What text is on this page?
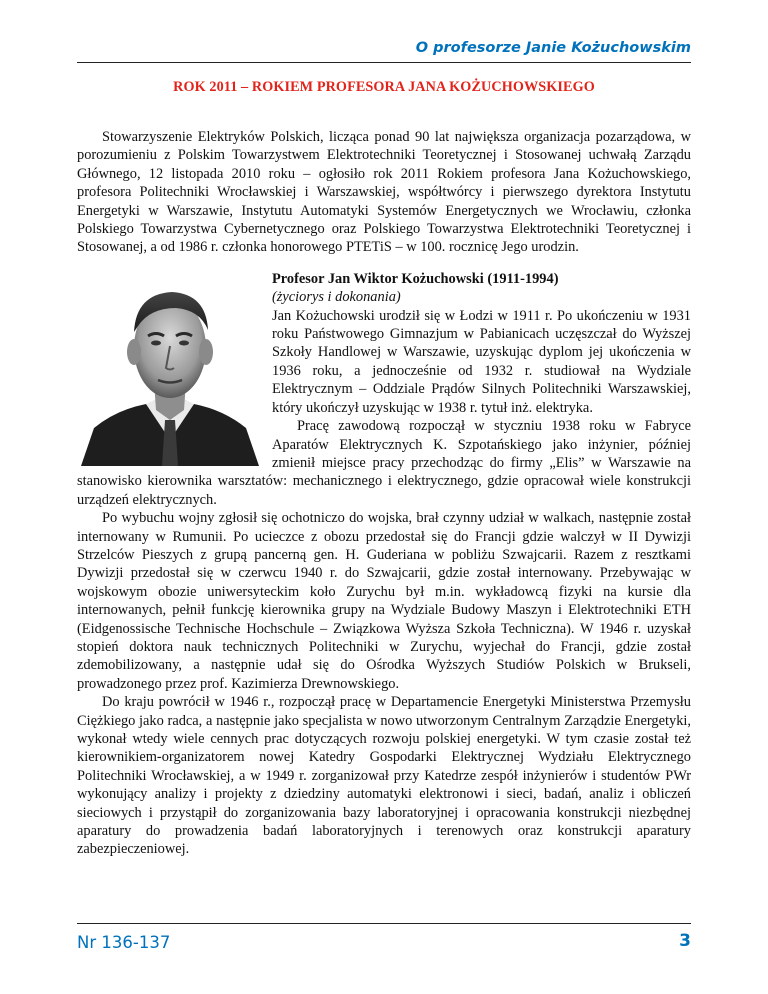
O profesorze Janie Kożuchowskim
ROK 2011 – ROKIEM PROFESORA JANA KOŻUCHOWSKIEGO

Stowarzyszenie Elektryków Polskich, licząca ponad 90 lat największa organizacja pozarządowa, w porozumieniu z Polskim Towarzystwem Elektrotechniki Teoretycznej i Stosowanej uchwałą Zarządu Głównego, 12 listopada 2010 roku – ogłosiło rok 2011 Rokiem profesora Jana Kożuchowskiego, profesora Politechniki Wrocławskiej i Warszawskiej, współtwórcy i pierwszego dyrektora Instytutu Energetyki w Warszawie, Instytutu Automatyki Systemów Energetycznych we Wrocławiu, członka Polskiego Towarzystwa Cybernetycznego oraz Polskiego Towarzystwa Elektrotechniki Teoretycznej i Stosowanej, a od 1986 r. członka honorowego PTETiS – w 100. rocznicę Jego urodzin.

Profesor Jan Wiktor Kożuchowski (1911-1994)

(życiorys i dokonania)

Jan Kożuchowski urodził się w Łodzi w 1911 r. Po ukończeniu w 1931 roku Państwowego Gimnazjum w Pabianicach uczęszczał do Wyższej Szkoły Handlowej w Warszawie, uzyskując dyplom jej ukończenia w 1936 roku, a jednocześnie od 1932 r. studiował na Wydziale Elektrycznym – Oddziale Prądów Silnych Politechniki Warszawskiej, który ukończył uzyskując w 1938 r. tytuł inż. elektryka.

Pracę zawodową rozpoczął w styczniu 1938 roku w Fabryce Aparatów Elektrycznych K. Szpotańskiego jako inżynier, później zmienił miejsce pracy przechodząc do firmy „Elis” w Warszawie na stanowisko kierownika warsztatów: mechanicznego i elektrycznego, gdzie opracował wiele konstrukcji urządzeń elektrycznych.

Po wybuchu wojny zgłosił się ochotniczo do wojska, brał czynny udział w walkach, następnie został internowany w Rumunii. Po ucieczce z obozu przedostał się do Francji gdzie walczył w II Dywizji Strzelców Pieszych z grupą pancerną gen. H. Guderiana w pobliżu Szwajcarii. Razem z resztkami Dywizji przedostał się w czerwcu 1940 r. do Szwajcarii, gdzie został internowany. Przebywając w wojskowym obozie uniwersyteckim koło Zurychu był m.in. wykładowcą fizyki na kursie dla internowanych, pełnił funkcję kierownika grupy na Wydziale Budowy Maszyn i Elektrotechniki ETH (Eidgenossische Technische Hochschule – Związkowa Wyższa Szkoła Techniczna). W 1946 r. uzyskał stopień doktora nauk technicznych Politechniki w Zurychu, wyjechał do Francji, gdzie został zdemobilizowany, a następnie udał się do Ośrodka Wyższych Studiów Polskich w Brukseli, prowadzonego przez prof. Kazimierza Drewnowskiego.

Do kraju powrócił w 1946 r., rozpoczął pracę w Departamencie Energetyki Ministerstwa Przemysłu Ciężkiego jako radca, a następnie jako specjalista w nowo utworzonym Centralnym Zarządzie Energetyki, wykonał wtedy wiele cennych prac dotyczących rozwoju polskiej energetyki. W tym czasie został też kierownikiem-organizatorem nowej Katedry Gospodarki Elektrycznej Wydziału Elektrycznego Politechniki Wrocławskiej, a w 1949 r. zorganizował przy Katedrze zespół inżynierów i studentów PWr wykonujący analizy i projekty z dziedziny automatyki elektronowi i sieci, badań, analiz i obliczeń sieciowych i przystąpił do zorganizowania bazy laboratoryjnej i opracowania konstrukcji niezbędnej aparatury do prowadzenia badań laboratoryjnych i terenowych oraz konstrukcji aparatury zabezpieczeniowej.

Nr 136-137	3
